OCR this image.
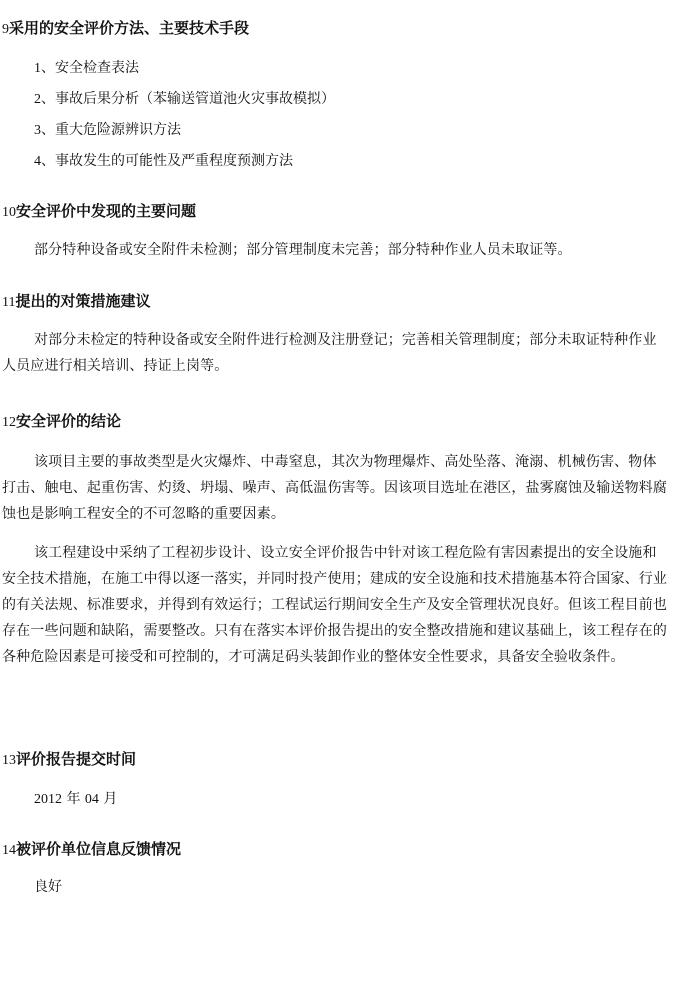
9采用的安全评价方法、主要技术手段
1、安全检查表法
2、事故后果分析（苯输送管道池火灾事故模拟）
3、重大危险源辨识方法
4、事故发生的可能性及严重程度预测方法
10安全评价中发现的主要问题

部分特种设备或安全附件未检测；部分管理制度未完善；部分特种作业人员未取证等。

11提出的对策措施建议

对部分未检定的特种设备或安全附件进行检测及注册登记；完善相关管理制度；部分未取证特种作业人员应进行相关培训、持证上岗等。

12安全评价的结论

该项目主要的事故类型是火灾爆炸、中毒窒息，其次为物理爆炸、高处坠落、淹溺、机械伤害、物体打击、触电、起重伤害、灼烫、坍塌、噪声、高低温伤害等。因该项目选址在港区，盐雾腐蚀及输送物料腐蚀也是影响工程安全的不可忽略的重要因素。

该工程建设中采纳了工程初步设计、设立安全评价报告中针对该工程危险有害因素提出的安全设施和安全技术措施，在施工中得以逐一落实，并同时投产使用；建成的安全设施和技术措施基本符合国家、行业的有关法规、标准要求，并得到有效运行；工程试运行期间安全生产及安全管理状况良好。但该工程目前也存在一些问题和缺陷，需要整改。只有在落实本评价报告提出的安全整改措施和建议基础上，该工程存在的各种危险因素是可接受和可控制的，才可满足码头装卸作业的整体安全性要求，具备安全验收条件。

13评价报告提交时间
2012 年 04 月
14被评价单位信息反馈情况
良好
